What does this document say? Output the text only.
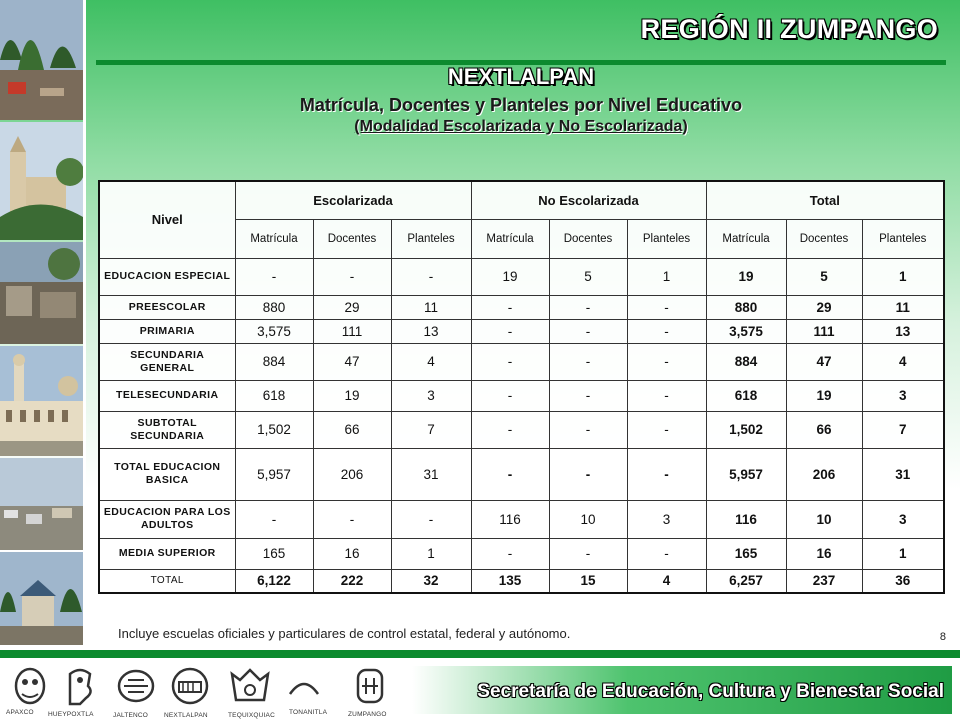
REGIÓN II ZUMPANGO
NEXTLALPAN
Matrícula, Docentes y Planteles por Nivel Educativo
(Modalidad Escolarizada y No Escolarizada)
Nivel	Escolarizada			No Escolarizada			Total		
	Matrícula	Docentes	Planteles	Matrícula	Docentes	Planteles	Matrícula	Docentes	Planteles
EDUCACION ESPECIAL	-	-	-	19	5	1	19	5	1
PREESCOLAR	880	29	11	-	-	-	880	29	11
PRIMARIA	3,575	111	13	-	-	-	3,575	111	13
SECUNDARIA GENERAL	884	47	4	-	-	-	884	47	4
TELESECUNDARIA	618	19	3	-	-	-	618	19	3
SUBTOTAL SECUNDARIA	1,502	66	7	-	-	-	1,502	66	7
TOTAL EDUCACION BASICA	5,957	206	31	-	-	-	5,957	206	31
EDUCACION PARA LOS ADULTOS	-	-	-	116	10	3	116	10	3
MEDIA SUPERIOR	165	16	1	-	-	-	165	16	1
TOTAL	6,122	222	32	135	15	4	6,257	237	36
Incluye escuelas oficiales y particulares de control estatal, federal y autónomo.	8
Secretaría de Educación, Cultura y Bienestar Social
APAXCO HUEYPOXTLA	JALTENCO NEXTLALPAN	TEQUIXQUIAC TONANITLA	ZUMPANGO
